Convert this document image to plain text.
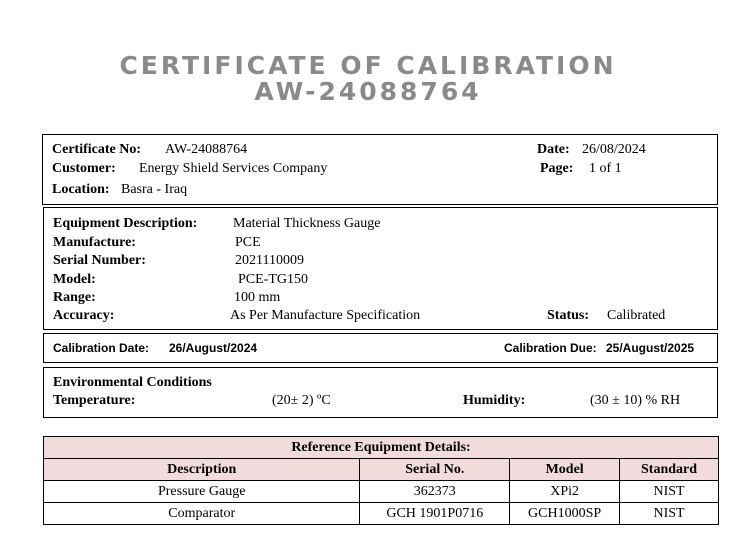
CERTIFICATE OF CALIBRATION
AW-24088764
Certificate No: AW-24088764	Date: 26/08/2024
Customer: Energy Shield Services Company	Page: 1 of 1
Location: Basra - Iraq
Equipment Description:	Material Thickness Gauge
Manufacture:	PCE
Serial Number:	2021110009
Model:	PCE-TG150
Range:	100 mm
Accuracy:	As Per Manufacture Specification	Status: Calibrated
Calibration Date: 26/August/2024	Calibration Due: 25/August/2025
Environmental Conditions
Temperature:	(20± 2) ºC	Humidity:	(30 ± 10) % RH
Reference Equipment Details:			
Description	Serial No.	Model	Standard
Pressure Gauge	362373	XPi2	NIST
Comparator	GCH 1901P0716	GCH1000SP	NIST
